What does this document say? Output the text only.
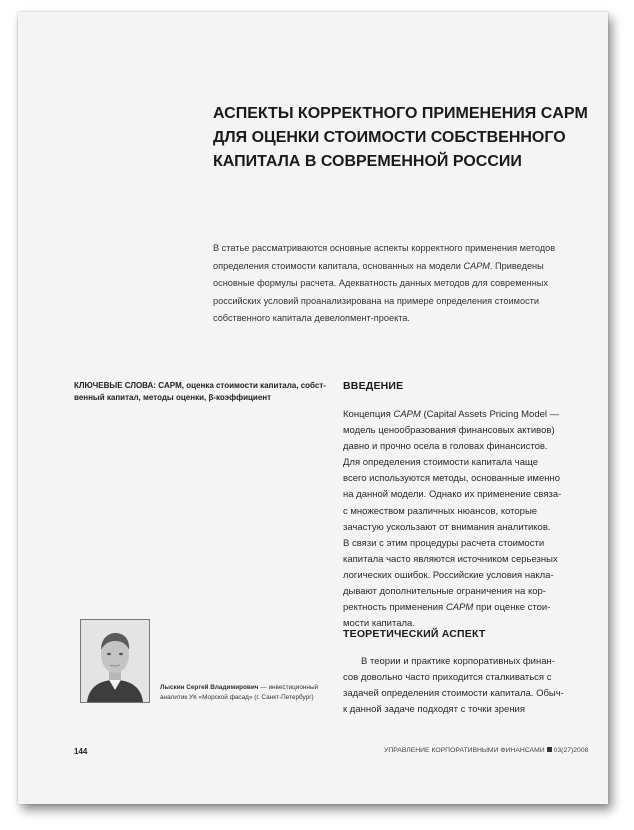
АСПЕКТЫ КОРРЕКТНОГО ПРИМЕНЕНИЯ CAPM
ДЛЯ ОЦЕНКИ СТОИМОСТИ СОБСТВЕННОГО
КАПИТАЛА В СОВРЕМЕННОЙ РОССИИ

В статье рассматриваются основные аспекты корректного применения методов
определения стоимости капитала, основанных на модели CAPM. Приведены
основные формулы расчета. Адекватность данных методов для современных
российских условий проанализирована на примере определения стоимости
собственного капитала девелопмент-проекта.

КЛЮЧЕВЫЕ СЛОВА: CAPM, оценка стоимости капитала, собст-
венный капитал, методы оценки, β-коэффициент

ВВЕДЕНИЕ

Концепция CAPM (Capital Assets Pricing Model —
модель ценообразования финансовых активов)
давно и прочно осела в головах финансистов.
Для определения стоимости капитала чаще
всего используются методы, основанные именно
на данной модели. Однако их применение связа-
с множеством различных нюансов, которые
зачастую ускользают от внимания аналитиков.
В связи с этим процедуры расчета стоимости
капитала часто являются источником серьезных
логических ошибок. Российские условия накла-
дывают дополнительные ограничения на кор-
ректность применения CAPM при оценке стои-
мости капитала.

ТЕОРЕТИЧЕСКИЙ АСПЕКТ

В теории и практике корпоративных финан-
сов довольно часто приходится сталкиваться с
задачей определения стоимости капитала. Обыч-
к данной задаче подходят с точки зрения

Лыскин Сергей Владимирович — инвестиционный
аналитик УК «Морской фасад» (г. Санкт-Петербург)

144	УПРАВЛЕНИЕ КОРПОРАТИВНЫМИ ФИНАНСАМИ 03(27)2008
